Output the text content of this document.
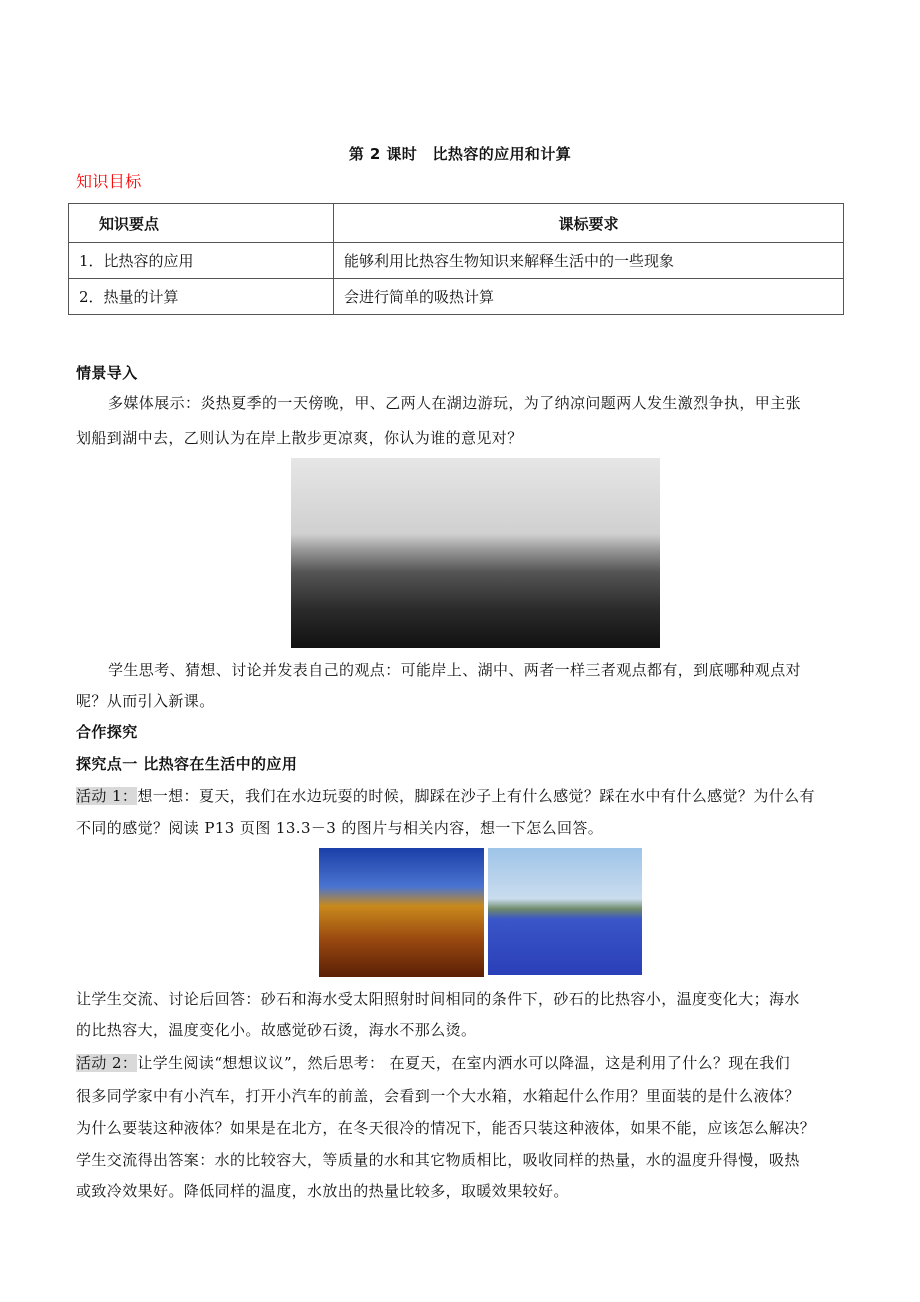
第 2 课时　比热容的应用和计算
知识目标
知识要点	课标要求
1．比热容的应用	能够利用比热容生物知识来解释生活中的一些现象
2．热量的计算	会进行简单的吸热计算
情景导入
多媒体展示：炎热夏季的一天傍晚，甲、乙两人在湖边游玩，为了纳凉问题两人发生激烈争执，甲主张
划船到湖中去，乙则认为在岸上散步更凉爽，你认为谁的意见对？
学生思考、猜想、讨论并发表自己的观点：可能岸上、湖中、两者一样三者观点都有，到底哪种观点对
呢？从而引入新课。
合作探究
探究点一 比热容在生活中的应用
活动 1：想一想：夏天，我们在水边玩耍的时候，脚踩在沙子上有什么感觉？踩在水中有什么感觉？为什么有
不同的感觉？阅读 P13 页图 13.3－3 的图片与相关内容，想一下怎么回答。
让学生交流、讨论后回答：砂石和海水受太阳照射时间相同的条件下，砂石的比热容小，温度变化大；海水
的比热容大，温度变化小。故感觉砂石烫，海水不那么烫。
活动 2：让学生阅读“想想议议”，然后思考： 在夏天，在室内洒水可以降温，这是利用了什么？现在我们
很多同学家中有小汽车，打开小汽车的前盖，会看到一个大水箱，水箱起什么作用？里面装的是什么液体？
为什么要装这种液体？如果是在北方，在冬天很冷的情况下，能否只装这种液体，如果不能，应该怎么解决？
学生交流得出答案：水的比较容大，等质量的水和其它物质相比，吸收同样的热量，水的温度升得慢，吸热
或致冷效果好。降低同样的温度，水放出的热量比较多，取暖效果较好。
